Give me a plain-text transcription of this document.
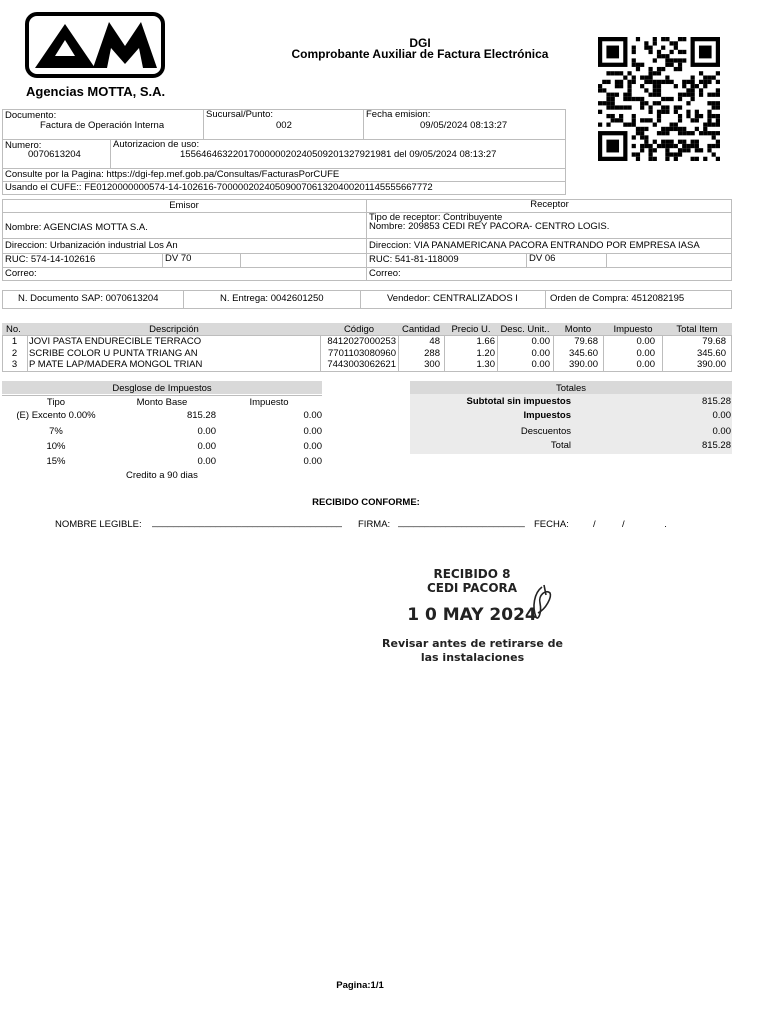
Agencias MOTTA, S.A.
DGI
Comprobante Auxiliar de Factura Electrónica
Documento:
Factura de Operación Interna
Sucursal/Punto:
002
Fecha emision:
09/05/2024 08:13:27
Numero:
0070613204
Autorizacion de uso:
1556464632201700000020240509201327921981 del 09/05/2024 08:13:27
Consulte por la Pagina: https://dgi-fep.mef.gob.pa/Consultas/FacturasPorCUFE
Usando el CUFE:: FE0120000000574-14-102616-70000020240509007061320400201145555667772
Emisor	Receptor
Nombre: AGENCIAS MOTTA S.A.
Tipo de receptor: Contribuyente
Nombre: 209853 CEDI REY PACORA- CENTRO LOGIS.
Direccion: Urbanización industrial Los An	Direccion: VIA PANAMERICANA PACORA ENTRANDO POR EMPRESA IASA
RUC: 574-14-102616	DV 70	RUC: 541-81-118009	DV 06
Correo:	Correo:
N. Documento SAP: 0070613204	N. Entrega: 0042601250	Vendedor: CENTRALIZADOS I	Orden de Compra: 4512082195
No.	Descripción	Código	Cantidad	Precio U.	Desc. Unit..	Monto	Impuesto	Total Item
1	JOVI PASTA ENDURECIBLE TERRACO	8412027000253	48	1.66	0.00	79.68	0.00	79.68
2	SCRIBE COLOR U PUNTA TRIANG AN	7701103080960	288	1.20	0.00	345.60	0.00	345.60
3	P MATE LAP/MADERA MONGOL TRIAN	7443003062621	300	1.30	0.00	390.00	0.00	390.00
Desglose de Impuestos
Tipo	Monto Base	Impuesto
(E) Excento 0.00%	815.28	0.00
7%	0.00	0.00
10%	0.00	0.00
15%	0.00	0.00
Credito a 90 dias
Totales
Subtotal sin impuestos	815.28
Impuestos	0.00
Descuentos	0.00
Total	815.28
RECIBIDO CONFORME:
NOMBRE LEGIBLE: ____________________________________ FIRMA: ________________________ FECHA:	/          /               .
RECIBIDO 8
CEDI PACORA
1 0 MAY 2024
Revisar antes de retirarse de
las instalaciones
Pagina:1/1
